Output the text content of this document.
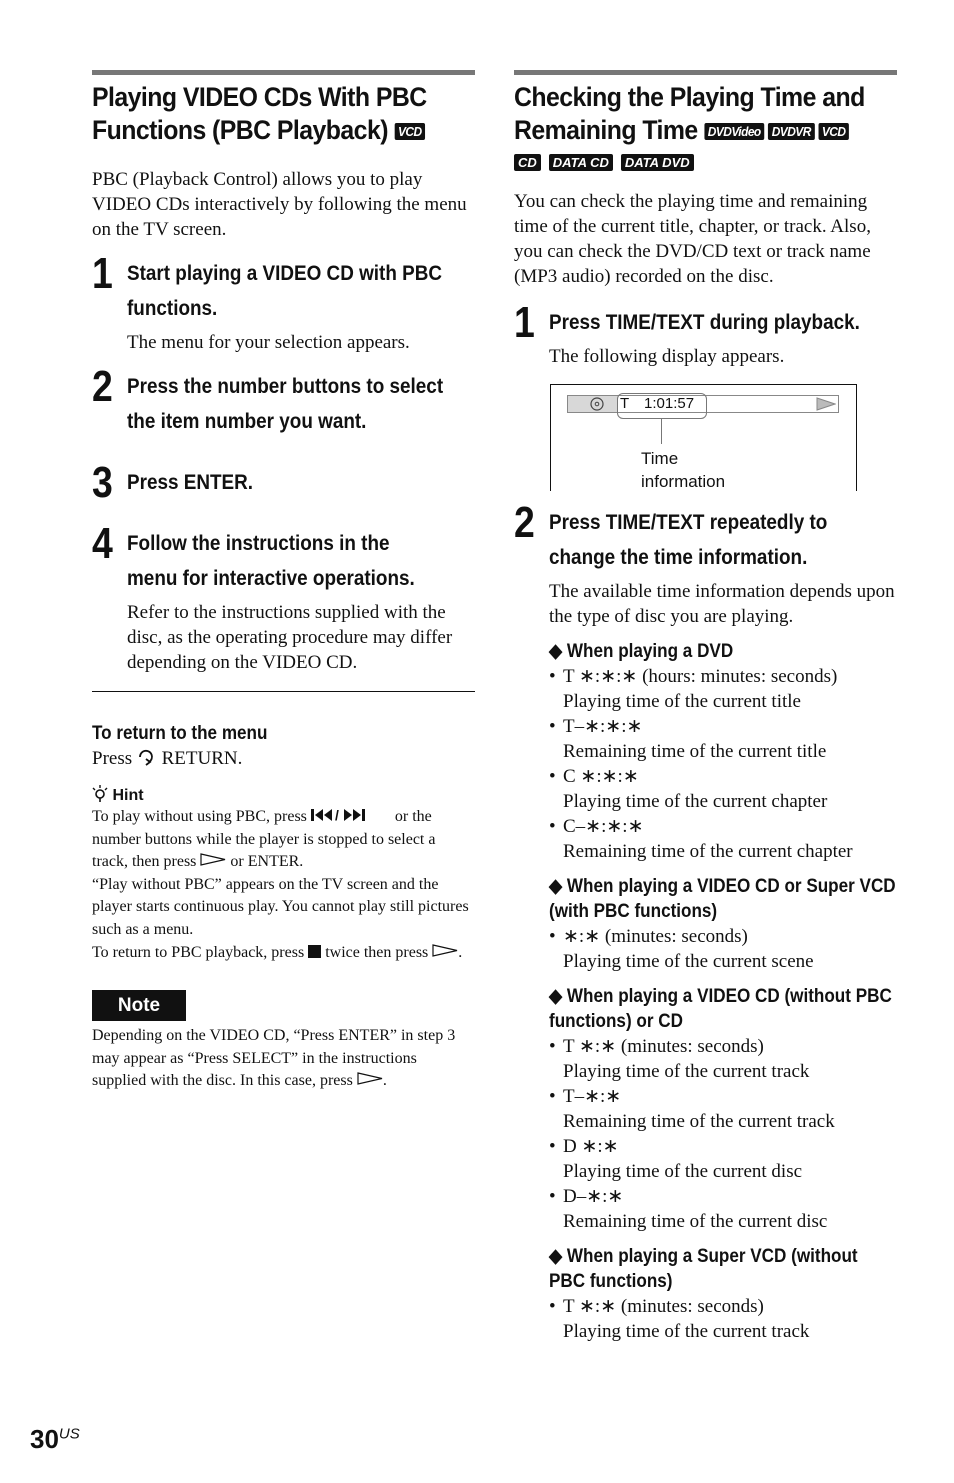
Playing VIDEO CDs With PBC Functions (PBC Playback) VCD

PBC (Playback Control) allows you to play VIDEO CDs interactively by following the menu on the TV screen.

1 Start playing a VIDEO CD with PBC
functions.

The menu for your selection appears.

2 Press the number buttons to select
the item number you want.

3 Press ENTER.

4 Follow the instructions in the
menu for interactive operations.

Refer to the instructions supplied with the disc, as the operating procedure may differ depending on the VIDEO CD.

To return to the menu

Press RETURN.

Hint

To play without using PBC, press /	or the number buttons while the player is stopped to select a track, then press or ENTER.
“Play without PBC” appears on the TV screen and the player starts continuous play. You cannot play still pictures such as a menu.
To return to PBC playback, press twice then press .

Note

Depending on the VIDEO CD, “Press ENTER” in step 3 may appear as “Press SELECT” in the instructions supplied with the disc. In this case, press .

Checking the Playing Time and
Remaining Time DVDVideo DVDVR VCD
CD DATA CD DATA DVD

You can check the playing time and remaining time of the current title, chapter, or track. Also, you can check the DVD/CD text or track name (MP3 audio) recorded on the disc.

1 Press TIME/TEXT during playback.

The following display appears.

T 1:01:57
Time information
2 Press TIME/TEXT repeatedly to
change the time information.

The available time information depends upon the type of disc you are playing.

◆ When playing a DVD

• T ∗:∗:∗ (hours: minutes: seconds)
Playing time of the current title
• T–∗:∗:∗
Remaining time of the current title
• C ∗:∗:∗
Playing time of the current chapter
• C–∗:∗:∗
Remaining time of the current chapter

◆ When playing a VIDEO CD or Super VCD (with PBC functions)

• ∗:∗ (minutes: seconds)
Playing time of the current scene

◆ When playing a VIDEO CD (without PBC functions) or CD

• T ∗:∗ (minutes: seconds)
Playing time of the current track
• T–∗:∗
Remaining time of the current track
• D ∗:∗
Playing time of the current disc
• D–∗:∗
Remaining time of the current disc

◆ When playing a Super VCD (without PBC functions)

• T ∗:∗ (minutes: seconds)
Playing time of the current track
$30^{US}$
